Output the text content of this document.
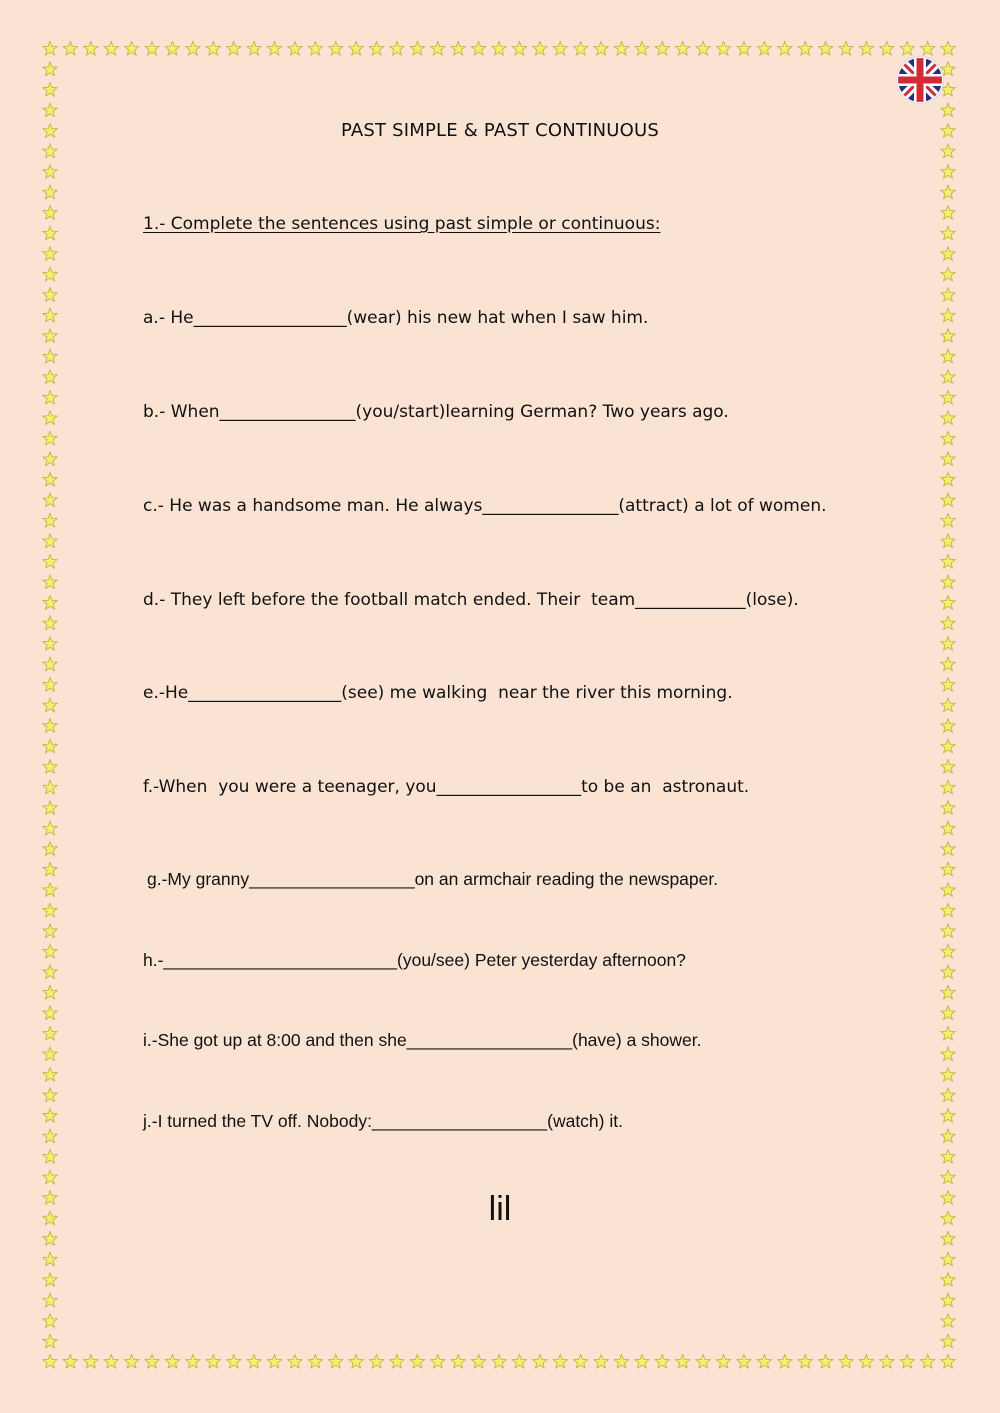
PAST SIMPLE & PAST CONTINUOUS
1.- Complete the sentences using past simple or continuous:
a.- He__________________(wear) his new hat when I saw him.
b.- When________________(you/start)learning German? Two years ago.
c.- He was a handsome man. He always________________(attract) a lot of women.
d.- They left before the football match ended. Their  team_____________(lose).
e.-He__________________(see) me walking  near the river this morning.
f.-When  you were a teenager, you_________________to be an  astronaut.
g.-My granny_________________on an armchair reading the newspaper.
h.-________________________(you/see) Peter yesterday afternoon?
i.-She got up at 8:00 and then she_________________(have) a shower.
j.-I turned the TV off. Nobody:__________________(watch) it.
lil
